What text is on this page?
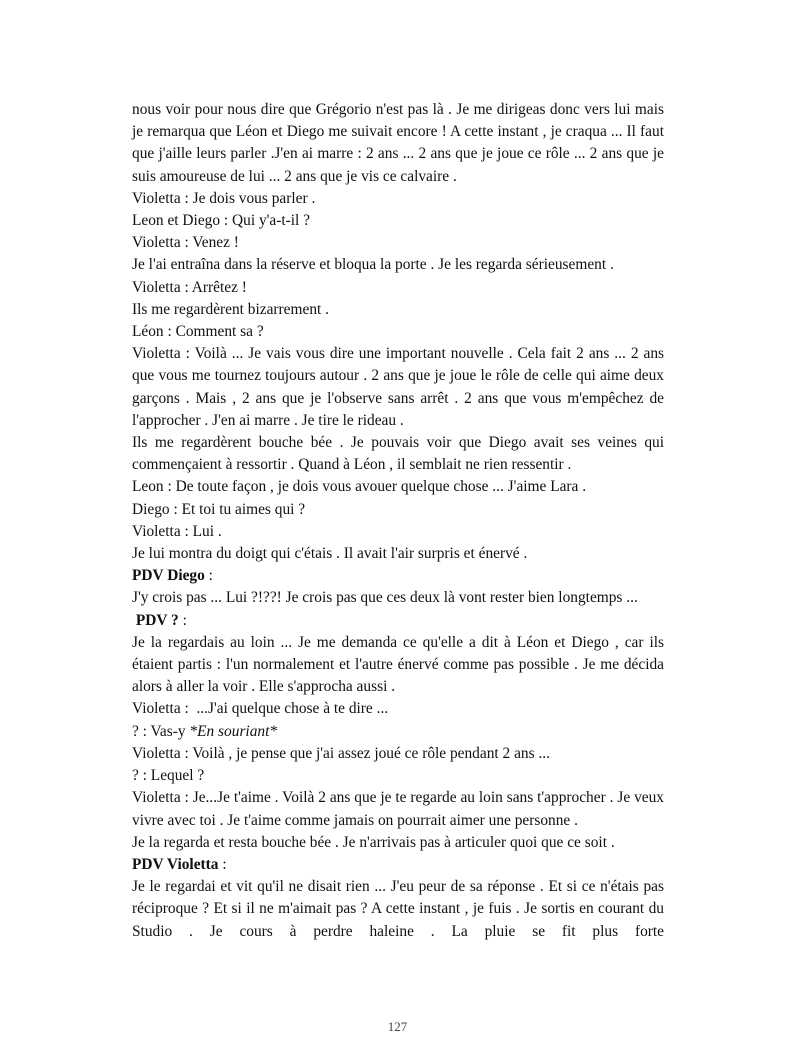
nous voir pour nous dire que Grégorio n'est pas là . Je me dirigeas donc vers lui mais je remarqua que Léon et Diego me suivait encore ! A cette instant , je craqua ... Il faut que j'aille leurs parler .J'en ai marre : 2 ans ... 2 ans que je joue ce rôle ... 2 ans que je suis amoureuse de lui ... 2 ans que je vis ce calvaire .

Violetta : Je dois vous parler .

Leon et Diego : Qui y'a-t-il ?

Violetta : Venez !

Je l'ai entraîna dans la réserve et bloqua la porte . Je les regarda sérieusement .

Violetta : Arrêtez !

Ils me regardèrent bizarrement .

Léon : Comment sa ?

Violetta : Voilà ... Je vais vous dire une important nouvelle . Cela fait 2 ans ... 2 ans que vous me tournez toujours autour . 2 ans que je joue le rôle de celle qui aime deux garçons . Mais , 2 ans que je l'observe sans arrêt . 2 ans que vous m'empêchez de l'approcher . J'en ai marre . Je tire le rideau .

Ils me regardèrent bouche bée . Je pouvais voir que Diego avait ses veines qui commençaient à ressortir . Quand à Léon , il semblait ne rien ressentir .

Leon : De toute façon , je dois vous avouer quelque chose ... J'aime Lara .

Diego : Et toi tu aimes qui ?

Violetta : Lui .

Je lui montra du doigt qui c'étais . Il avait l'air surpris et énervé .

PDV Diego :

J'y crois pas ... Lui ?!??! Je crois pas que ces deux là vont rester bien longtemps ...

PDV ? :

Je la regardais au loin ... Je me demanda ce qu'elle a dit à Léon et Diego , car ils étaient partis : l'un normalement et l'autre énervé comme pas possible . Je me décida alors à aller la voir . Elle s'approcha aussi .

Violetta :  ...J'ai quelque chose à te dire ...

? : Vas-y *En souriant*

Violetta : Voilà , je pense que j'ai assez joué ce rôle pendant 2 ans ...

? : Lequel ?

Violetta : Je...Je t'aime . Voilà 2 ans que je te regarde au loin sans t'approcher . Je veux vivre avec toi . Je t'aime comme jamais on pourrait aimer une personne .

Je la regarda et resta bouche bée . Je n'arrivais pas à articuler quoi que ce soit .

PDV Violetta :

Je le regardai et vit qu'il ne disait rien ... J'eu peur de sa réponse . Et si ce n'étais pas réciproque ? Et si il ne m'aimait pas ? A cette instant , je fuis . Je sortis en courant du Studio . Je cours à perdre haleine . La pluie se fit plus forte

127
